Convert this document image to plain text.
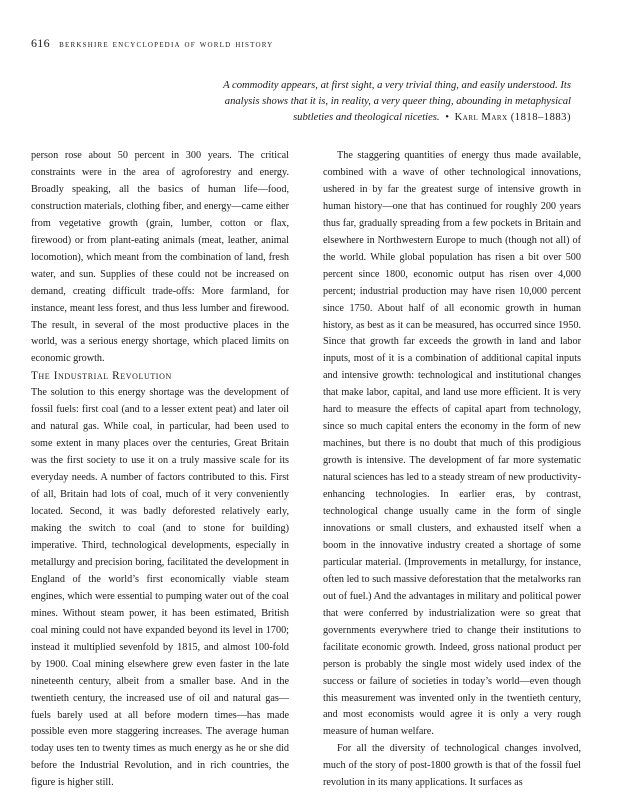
616 berkshire encyclopedia of world history
A commodity appears, at first sight, a very trivial thing, and easily understood. Its analysis shows that it is, in reality, a very queer thing, abounding in metaphysical subtleties and theological niceties. • Karl Marx (1818–1883)

person rose about 50 percent in 300 years. The critical constraints were in the area of agroforestry and energy. Broadly speaking, all the basics of human life—food, construction materials, clothing fiber, and energy—came either from vegetative growth (grain, lumber, cotton or flax, firewood) or from plant-eating animals (meat, leather, animal locomotion), which meant from the combination of land, fresh water, and sun. Supplies of these could not be increased on demand, creating difficult trade-offs: More farmland, for instance, meant less forest, and thus less lumber and firewood. The result, in several of the most productive places in the world, was a serious energy shortage, which placed limits on economic growth.

The Industrial Revolution

The solution to this energy shortage was the development of fossil fuels: first coal (and to a lesser extent peat) and later oil and natural gas. While coal, in particular, had been used to some extent in many places over the centuries, Great Britain was the first society to use it on a truly massive scale for its everyday needs. A number of factors contributed to this. First of all, Britain had lots of coal, much of it very conveniently located. Second, it was badly deforested relatively early, making the switch to coal (and to stone for building) imperative. Third, technological developments, especially in metallurgy and precision boring, facilitated the development in England of the world’s first economically viable steam engines, which were essential to pumping water out of the coal mines. Without steam power, it has been estimated, British coal mining could not have expanded beyond its level in 1700; instead it multiplied sevenfold by 1815, and almost 100-fold by 1900. Coal mining elsewhere grew even faster in the late nineteenth century, albeit from a smaller base. And in the twentieth century, the increased use of oil and natural gas—fuels barely used at all before modern times—has made possible even more staggering increases. The average human today uses ten to twenty times as much energy as he or she did before the Industrial Revolution, and in rich countries, the figure is higher still.

The staggering quantities of energy thus made available, combined with a wave of other technological innovations, ushered in by far the greatest surge of intensive growth in human history—one that has continued for roughly 200 years thus far, gradually spreading from a few pockets in Britain and elsewhere in Northwestern Europe to much (though not all) of the world. While global population has risen a bit over 500 percent since 1800, economic output has risen over 4,000 percent; industrial production may have risen 10,000 percent since 1750. About half of all economic growth in human history, as best as it can be measured, has occurred since 1950. Since that growth far exceeds the growth in land and labor inputs, most of it is a combination of additional capital inputs and intensive growth: technological and institutional changes that make labor, capital, and land use more efficient. It is very hard to measure the effects of capital apart from technology, since so much capital enters the economy in the form of new machines, but there is no doubt that much of this prodigious growth is intensive. The development of far more systematic natural sciences has led to a steady stream of new productivity-enhancing technologies. In earlier eras, by contrast, technological change usually came in the form of single innovations or small clusters, and exhausted itself when a boom in the innovative industry created a shortage of some particular material. (Improvements in metallurgy, for instance, often led to such massive deforestation that the metalworks ran out of fuel.) And the advantages in military and political power that were conferred by industrialization were so great that governments everywhere tried to change their institutions to facilitate economic growth. Indeed, gross national product per person is probably the single most widely used index of the success or failure of societies in today’s world—even though this measurement was invented only in the twentieth century, and most economists would agree it is only a very rough measure of human welfare.

For all the diversity of technological changes involved, much of the story of post-1800 growth is that of the fossil fuel revolution in its many applications. It surfaces as
